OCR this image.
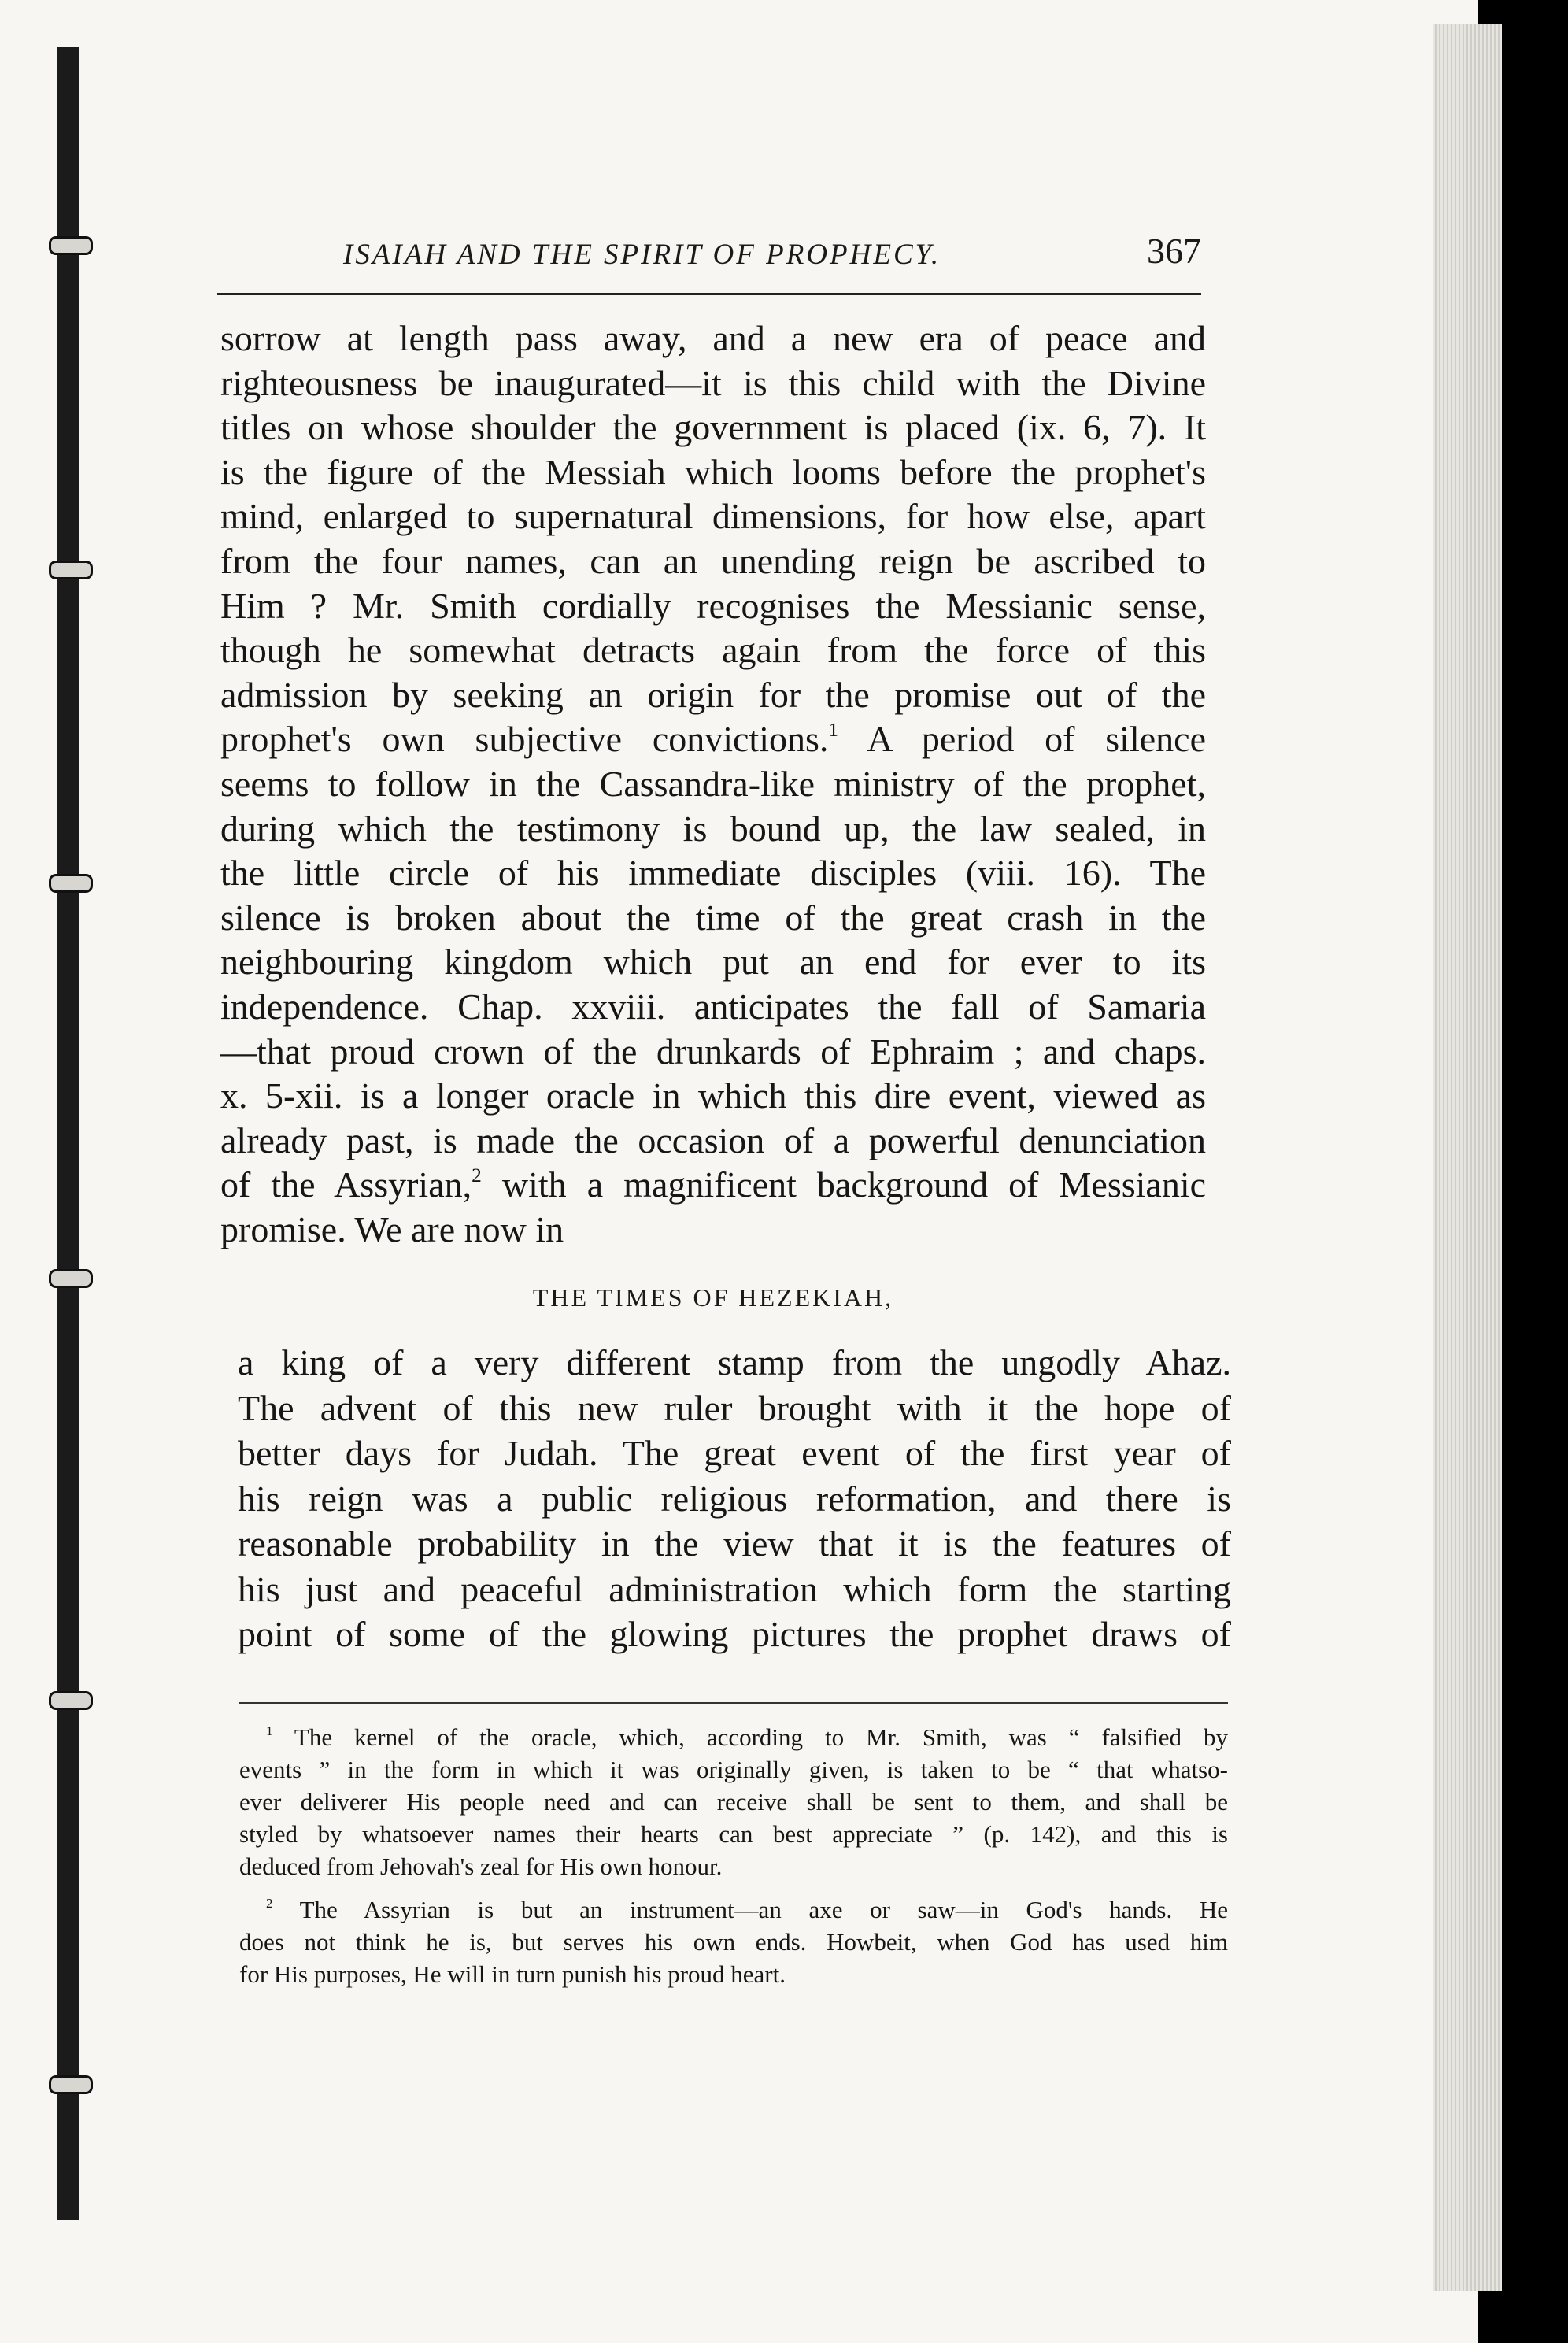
ISAIAH AND THE SPIRIT OF PROPHECY.	367
sorrow at length pass away, and a new era of peace and
righteousness be inaugurated—it is this child with the Divine
titles on whose shoulder the government is placed (ix. 6, 7). It
is the figure of the Messiah which looms before the prophet's
mind, enlarged to supernatural dimensions, for how else, apart
from the four names, can an unending reign be ascribed to
Him ? Mr. Smith cordially recognises the Messianic sense,
though he somewhat detracts again from the force of this
admission by seeking an origin for the promise out of the
prophet's own subjective convictions.$^1$ A period of silence
seems to follow in the Cassandra-like ministry of the prophet,
during which the testimony is bound up, the law sealed, in
the little circle of his immediate disciples (viii. 16). The
silence is broken about the time of the great crash in the
neighbouring kingdom which put an end for ever to its
independence. Chap. xxviii. anticipates the fall of Samaria
—that proud crown of the drunkards of Ephraim ; and chaps.
x. 5-xii. is a longer oracle in which this dire event, viewed as
already past, is made the occasion of a powerful denunciation
of the Assyrian,$^2$ with a magnificent background of Messianic
promise. We are now in
THE TIMES OF HEZEKIAH,
a king of a very different stamp from the ungodly Ahaz.
The advent of this new ruler brought with it the hope of
better days for Judah. The great event of the first year of
his reign was a public religious reformation, and there is
reasonable probability in the view that it is the features of
his just and peaceful administration which form the starting
point of some of the glowing pictures the prophet draws of
$^1$ The kernel of the oracle, which, according to Mr. Smith, was “ falsified by
events ” in the form in which it was originally given, is taken to be “ that whatso-
ever deliverer His people need and can receive shall be sent to them, and shall be
styled by whatsoever names their hearts can best appreciate ” (p. 142), and this is
deduced from Jehovah's zeal for His own honour.
$^2$ The Assyrian is but an instrument—an axe or saw—in God's hands. He
does not think he is, but serves his own ends. Howbeit, when God has used him
for His purposes, He will in turn punish his proud heart.
